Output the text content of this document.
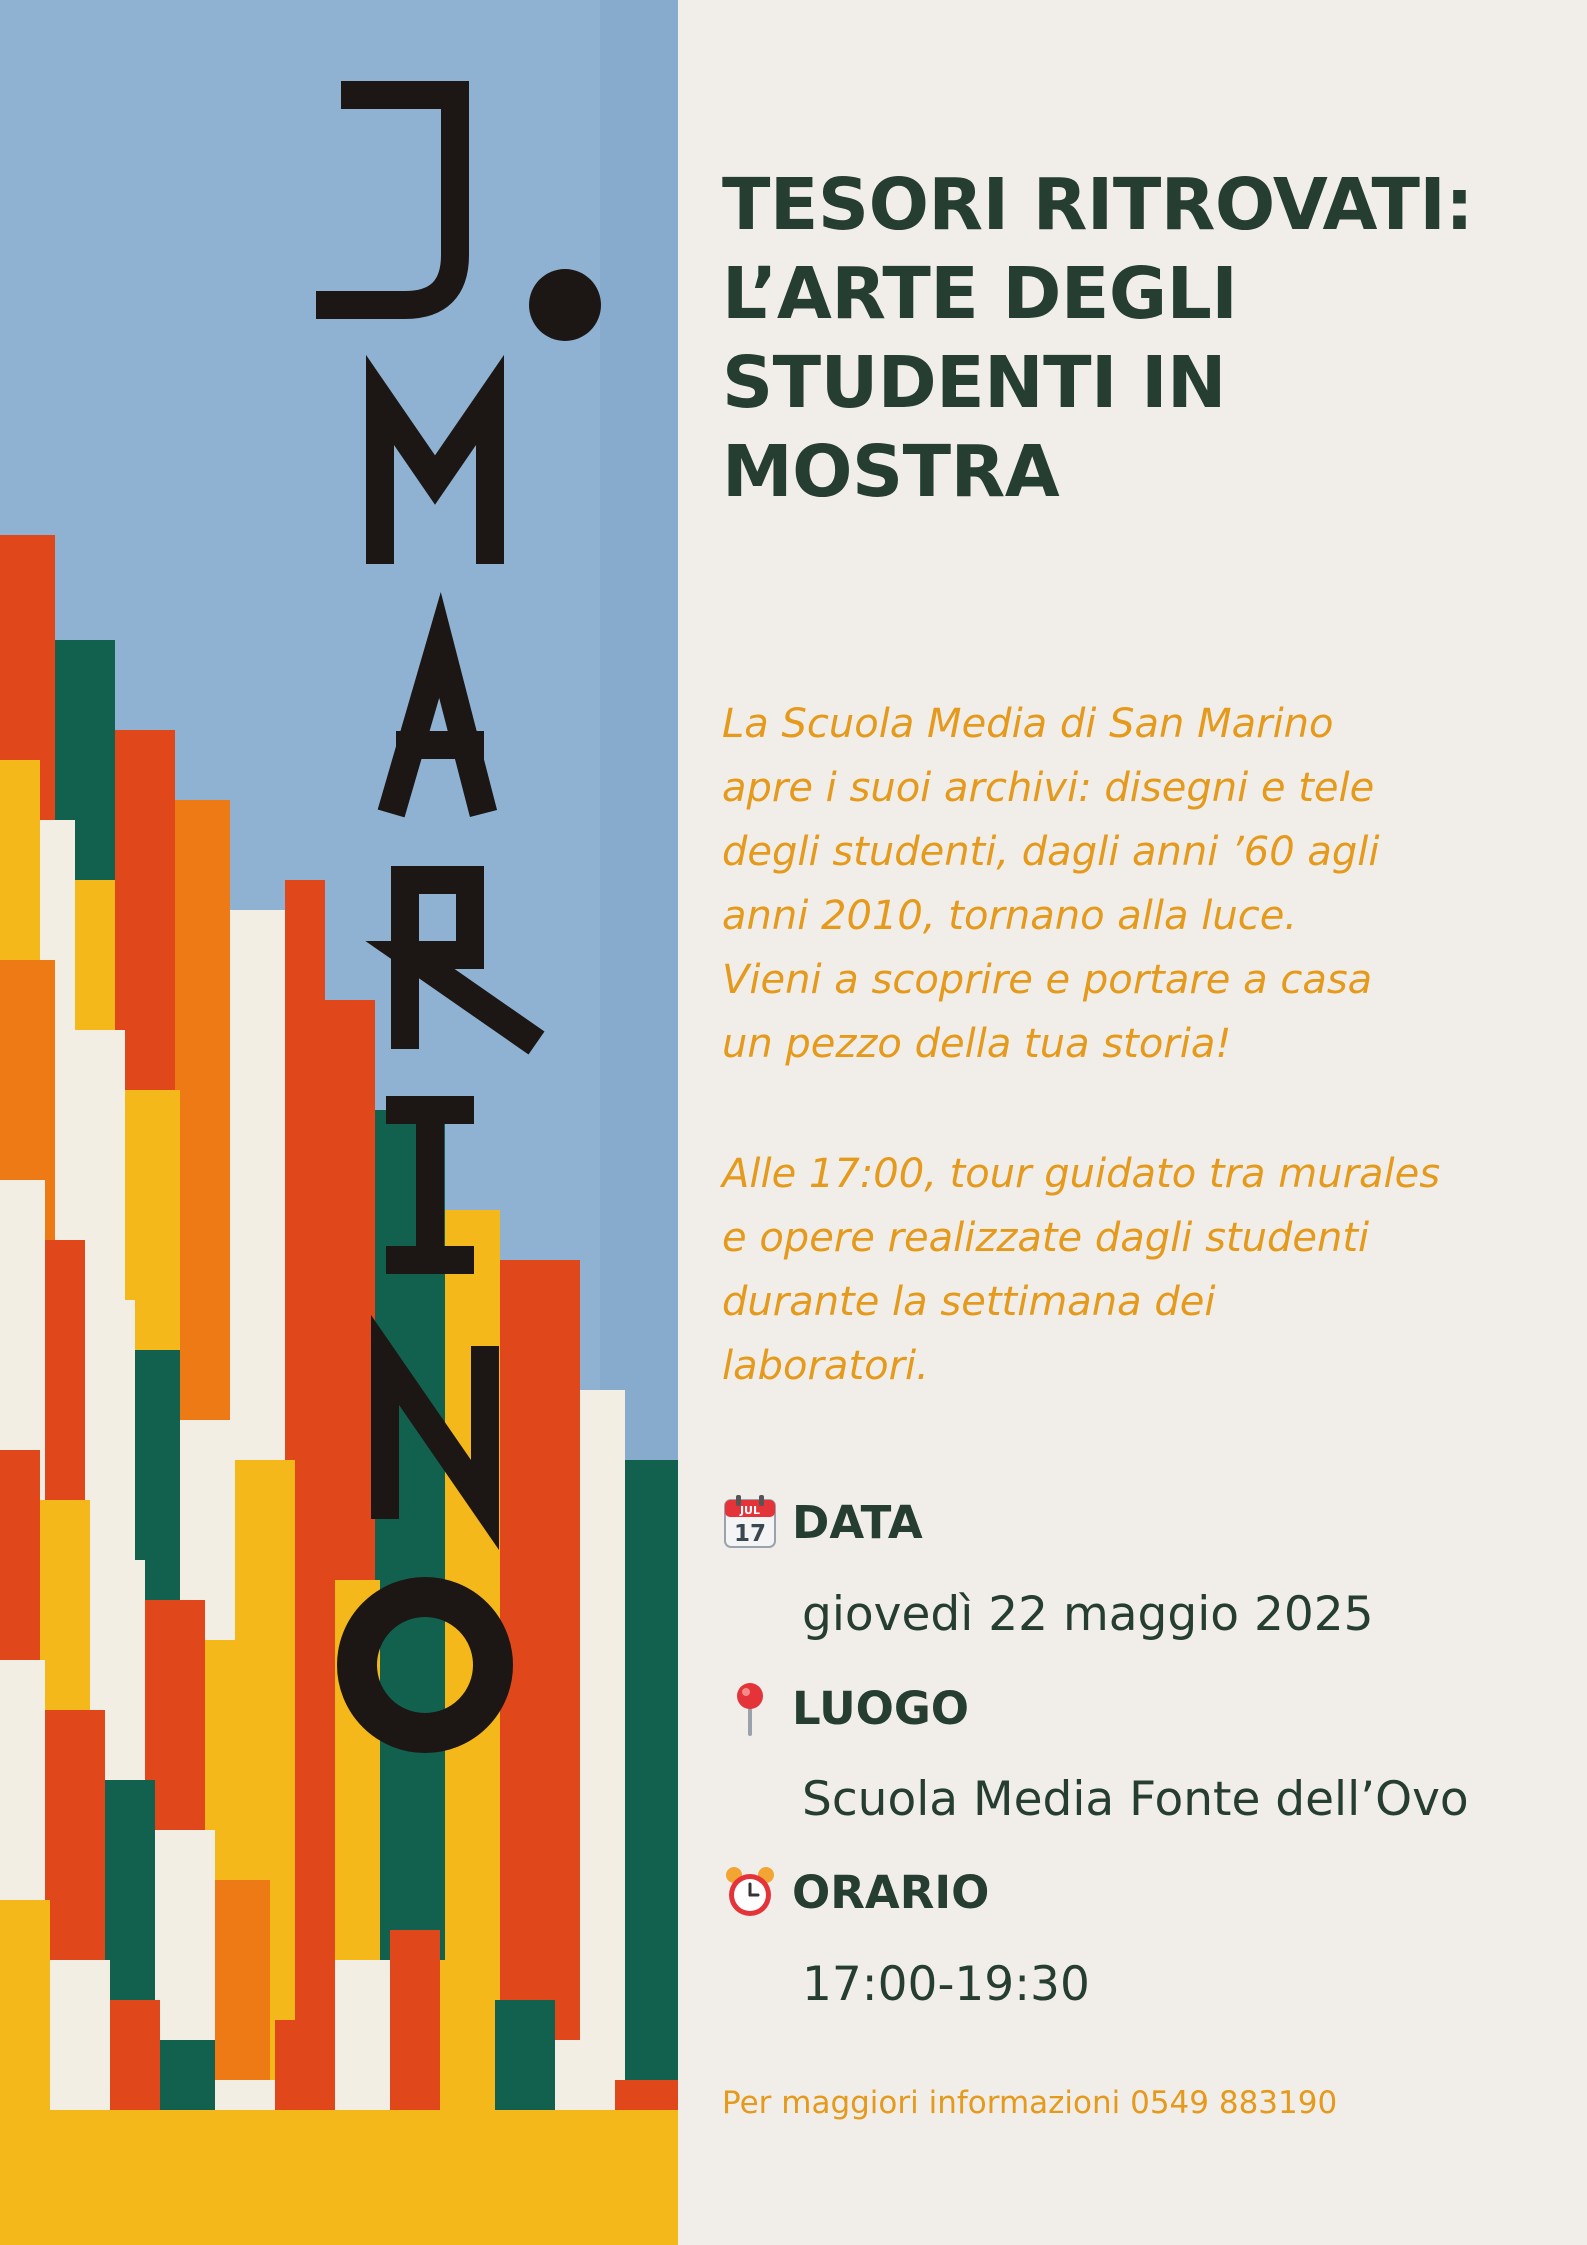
TESORI RITROVATI:
L’ARTE DEGLI
STUDENTI IN
MOSTRA

La Scuola Media di San Marino
apre i suoi archivi: disegni e tele
degli studenti, dagli anni ’60 agli
anni 2010, tornano alla luce.
Vieni a scoprire e portare a casa
un pezzo della tua storia!

Alle 17:00, tour guidato tra murales
e opere realizzate dagli studenti
durante la settimana dei
laboratori.

JUL
17 DATA
giovedì 22 maggio 2025
LUOGO
Scuola Media Fonte dell’Ovo
ORARIO
17:00-19:30
Per maggiori informazioni 0549 883190
